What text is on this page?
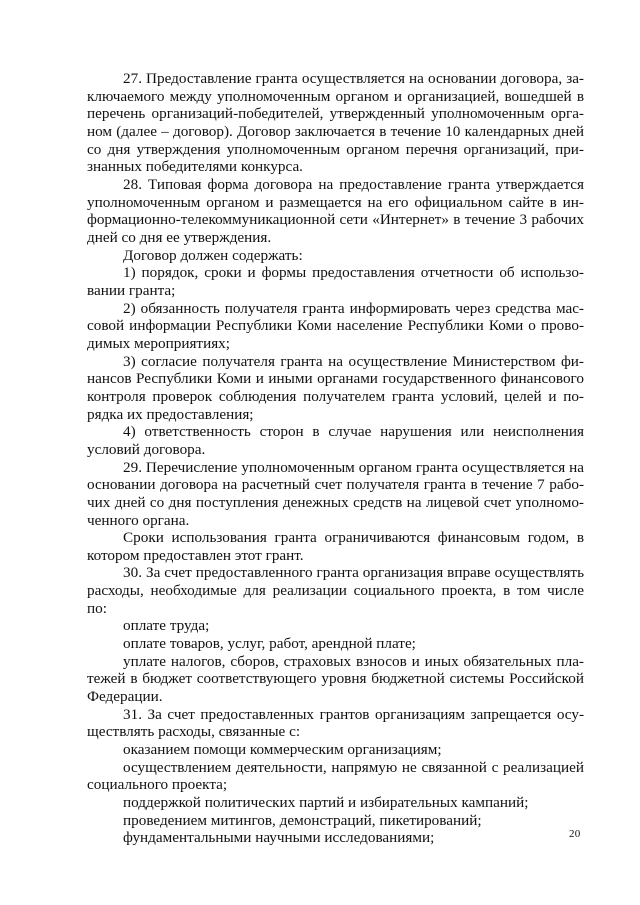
27. Предоставление гранта осуществляется на основании договора, за-
ключаемого между уполномоченным органом и организацией, вошедшей в
перечень организаций-победителей, утвержденный уполномоченным орга-
ном (далее – договор). Договор заключается в течение 10 календарных дней
со дня утверждения уполномоченным органом перечня организаций, при-
знанных победителями конкурса.
28. Типовая форма договора на предоставление гранта утверждается
уполномоченным органом и размещается на его официальном сайте в ин-
формационно-телекоммуникационной сети «Интернет» в течение 3 рабочих
дней со дня ее утверждения.
Договор должен содержать:
1) порядок, сроки и формы предоставления отчетности об использо-
вании гранта;
2) обязанность получателя гранта информировать через средства мас-
совой информации Республики Коми население Республики Коми о прово-
димых мероприятиях;
3) согласие получателя гранта на осуществление Министерством фи-
нансов Республики Коми и иными органами государственного финансового
контроля проверок соблюдения получателем гранта условий, целей и по-
рядка их предоставления;
4) ответственность сторон в случае нарушения или неисполнения
условий договора.
29. Перечисление уполномоченным органом гранта осуществляется на
основании договора на расчетный счет получателя гранта в течение 7 рабо-
чих дней со дня поступления денежных средств на лицевой счет уполномо-
ченного органа.
Сроки использования гранта ограничиваются финансовым годом, в
котором предоставлен этот грант.
30. За счет предоставленного гранта организация вправе осуществлять
расходы, необходимые для реализации социального проекта, в том числе
по:
оплате труда;
оплате товаров, услуг, работ, арендной плате;
уплате налогов, сборов, страховых взносов и иных обязательных пла-
тежей в бюджет соответствующего уровня бюджетной системы Российской
Федерации.
31. За счет предоставленных грантов организациям запрещается осу-
ществлять расходы, связанные с:
оказанием помощи коммерческим организациям;
осуществлением деятельности, напрямую не связанной с реализацией
социального проекта;
поддержкой политических партий и избирательных кампаний;
проведением митингов, демонстраций, пикетирований;
фундаментальными научными исследованиями;	20
